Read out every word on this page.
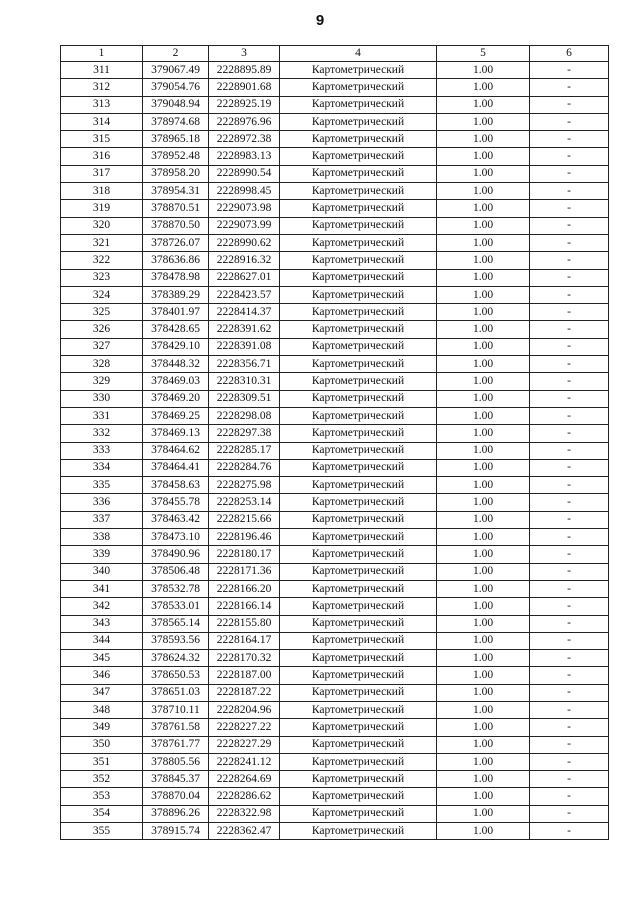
9
1	2	3	4	5	6
311	379067.49	2228895.89	Картометрический	1.00	-
312	379054.76	2228901.68	Картометрический	1.00	-
313	379048.94	2228925.19	Картометрический	1.00	-
314	378974.68	2228976.96	Картометрический	1.00	-
315	378965.18	2228972.38	Картометрический	1.00	-
316	378952.48	2228983.13	Картометрический	1.00	-
317	378958.20	2228990.54	Картометрический	1.00	-
318	378954.31	2228998.45	Картометрический	1.00	-
319	378870.51	2229073.98	Картометрический	1.00	-
320	378870.50	2229073.99	Картометрический	1.00	-
321	378726.07	2228990.62	Картометрический	1.00	-
322	378636.86	2228916.32	Картометрический	1.00	-
323	378478.98	2228627.01	Картометрический	1.00	-
324	378389.29	2228423.57	Картометрический	1.00	-
325	378401.97	2228414.37	Картометрический	1.00	-
326	378428.65	2228391.62	Картометрический	1.00	-
327	378429.10	2228391.08	Картометрический	1.00	-
328	378448.32	2228356.71	Картометрический	1.00	-
329	378469.03	2228310.31	Картометрический	1.00	-
330	378469.20	2228309.51	Картометрический	1.00	-
331	378469.25	2228298.08	Картометрический	1.00	-
332	378469.13	2228297.38	Картометрический	1.00	-
333	378464.62	2228285.17	Картометрический	1.00	-
334	378464.41	2228284.76	Картометрический	1.00	-
335	378458.63	2228275.98	Картометрический	1.00	-
336	378455.78	2228253.14	Картометрический	1.00	-
337	378463.42	2228215.66	Картометрический	1.00	-
338	378473.10	2228196.46	Картометрический	1.00	-
339	378490.96	2228180.17	Картометрический	1.00	-
340	378506.48	2228171.36	Картометрический	1.00	-
341	378532.78	2228166.20	Картометрический	1.00	-
342	378533.01	2228166.14	Картометрический	1.00	-
343	378565.14	2228155.80	Картометрический	1.00	-
344	378593.56	2228164.17	Картометрический	1.00	-
345	378624.32	2228170.32	Картометрический	1.00	-
346	378650.53	2228187.00	Картометрический	1.00	-
347	378651.03	2228187.22	Картометрический	1.00	-
348	378710.11	2228204.96	Картометрический	1.00	-
349	378761.58	2228227.22	Картометрический	1.00	-
350	378761.77	2228227.29	Картометрический	1.00	-
351	378805.56	2228241.12	Картометрический	1.00	-
352	378845.37	2228264.69	Картометрический	1.00	-
353	378870.04	2228286.62	Картометрический	1.00	-
354	378896.26	2228322.98	Картометрический	1.00	-
355	378915.74	2228362.47	Картометрический	1.00	-
